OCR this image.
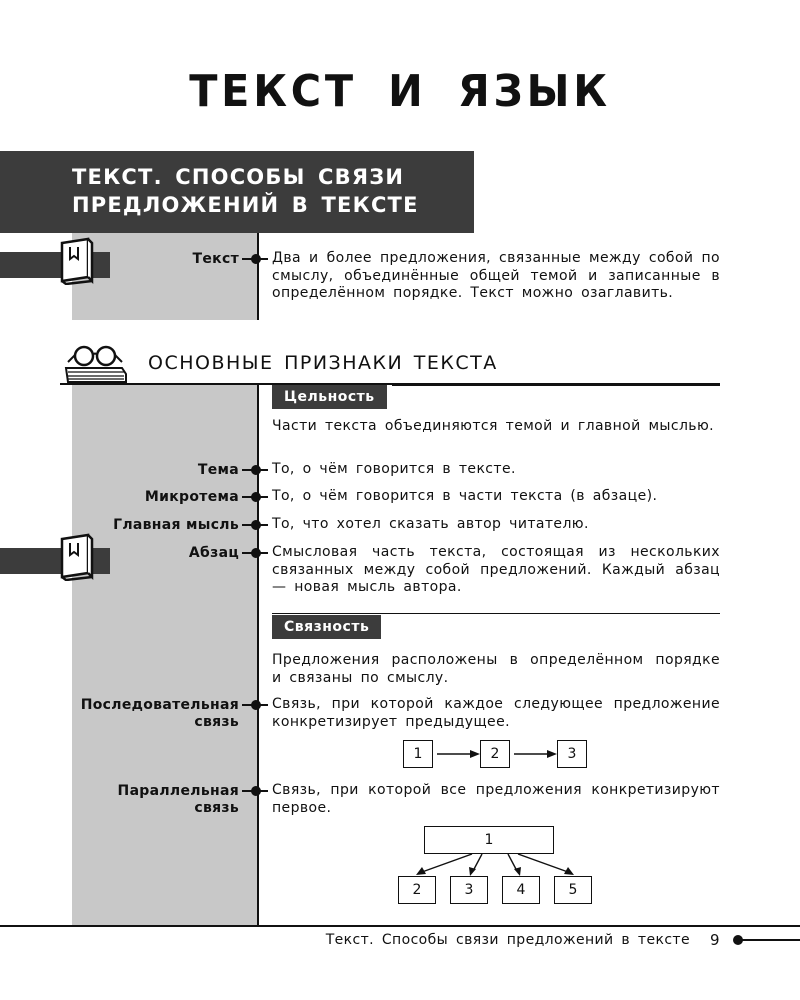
ТЕКСТ И ЯЗЫК
ТЕКСТ. СПОСОБЫ СВЯЗИ
ПРЕДЛОЖЕНИЙ В ТЕКСТЕ
Текст Два и более предложения, связанные между собой по смыслу, объединённые общей темой и записанные в определённом порядке. Текст можно озаглавить.
ОСНОВНЫЕ ПРИЗНАКИ ТЕКСТА
Цельность
Части текста объединяются темой и главной мыслью.
Тема То, о чём говорится в тексте.
Микротема То, о чём говорится в части текста (в абзаце).
Главная мысль То, что хотел сказать автор читателю.
Абзац Смысловая часть текста, состоящая из нескольких связанных между собой предложений. Каждый абзац — новая мысль автора.
Связность
Предложения расположены в определённом порядке и связаны по смыслу.
Последовательная
связь
Связь, при которой каждое следующее предложение конкретизирует предыдущее.
1	2	3
Параллельная
связь
Связь, при которой все предложения конкретизируют первое.
1
2	3	4	5
Текст. Способы связи предложений в тексте 9
